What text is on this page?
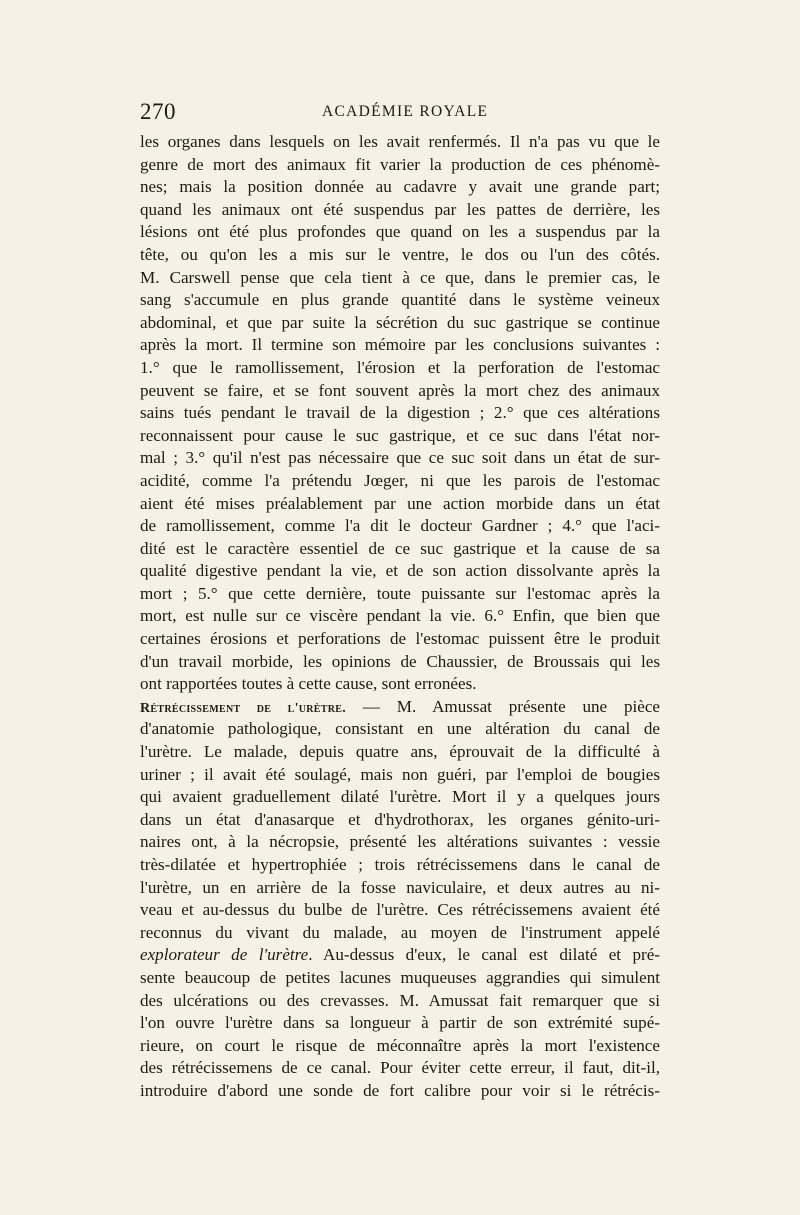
270	ACADÉMIE ROYALE
les organes dans lesquels on les avait renfermés. Il n'a pas vu que le
genre de mort des animaux fit varier la production de ces phénomè-
nes; mais la position donnée au cadavre y avait une grande part;
quand les animaux ont été suspendus par les pattes de derrière, les
lésions ont été plus profondes que quand on les a suspendus par la
tête, ou qu'on les a mis sur le ventre, le dos ou l'un des côtés.
M. Carswell pense que cela tient à ce que, dans le premier cas, le
sang s'accumule en plus grande quantité dans le système veineux
abdominal, et que par suite la sécrétion du suc gastrique se continue
après la mort. Il termine son mémoire par les conclusions suivantes :
1.° que le ramollissement, l'érosion et la perforation de l'estomac
peuvent se faire, et se font souvent après la mort chez des animaux
sains tués pendant le travail de la digestion ; 2.° que ces altérations
reconnaissent pour cause le suc gastrique, et ce suc dans l'état nor-
mal ; 3.° qu'il n'est pas nécessaire que ce suc soit dans un état de sur-
acidité, comme l'a prétendu Jœger, ni que les parois de l'estomac
aient été mises préalablement par une action morbide dans un état
de ramollissement, comme l'a dit le docteur Gardner ; 4.° que l'aci-
dité est le caractère essentiel de ce suc gastrique et la cause de sa
qualité digestive pendant la vie, et de son action dissolvante après la
mort ; 5.° que cette dernière, toute puissante sur l'estomac après la
mort, est nulle sur ce viscère pendant la vie. 6.° Enfin, que bien que
certaines érosions et perforations de l'estomac puissent être le produit
d'un travail morbide, les opinions de Chaussier, de Broussais qui les
ont rapportées toutes à cette cause, sont erronées.
Rétrécissement de l'urètre. — M. Amussat présente une pièce
d'anatomie pathologique, consistant en une altération du canal de
l'urètre. Le malade, depuis quatre ans, éprouvait de la difficulté à
uriner ; il avait été soulagé, mais non guéri, par l'emploi de bougies
qui avaient graduellement dilaté l'urètre. Mort il y a quelques jours
dans un état d'anasarque et d'hydrothorax, les organes génito-uri-
naires ont, à la nécropsie, présenté les altérations suivantes : vessie
très-dilatée et hypertrophiée ; trois rétrécissemens dans le canal de
l'urètre, un en arrière de la fosse naviculaire, et deux autres au ni-
veau et au-dessus du bulbe de l'urètre. Ces rétrécissemens avaient été
reconnus du vivant du malade, au moyen de l'instrument appelé
explorateur de l'urètre. Au-dessus d'eux, le canal est dilaté et pré-
sente beaucoup de petites lacunes muqueuses aggrandies qui simulent
des ulcérations ou des crevasses. M. Amussat fait remarquer que si
l'on ouvre l'urètre dans sa longueur à partir de son extrémité supé-
rieure, on court le risque de méconnaître après la mort l'existence
des rétrécissemens de ce canal. Pour éviter cette erreur, il faut, dit-il,
introduire d'abord une sonde de fort calibre pour voir si le rétrécis-
